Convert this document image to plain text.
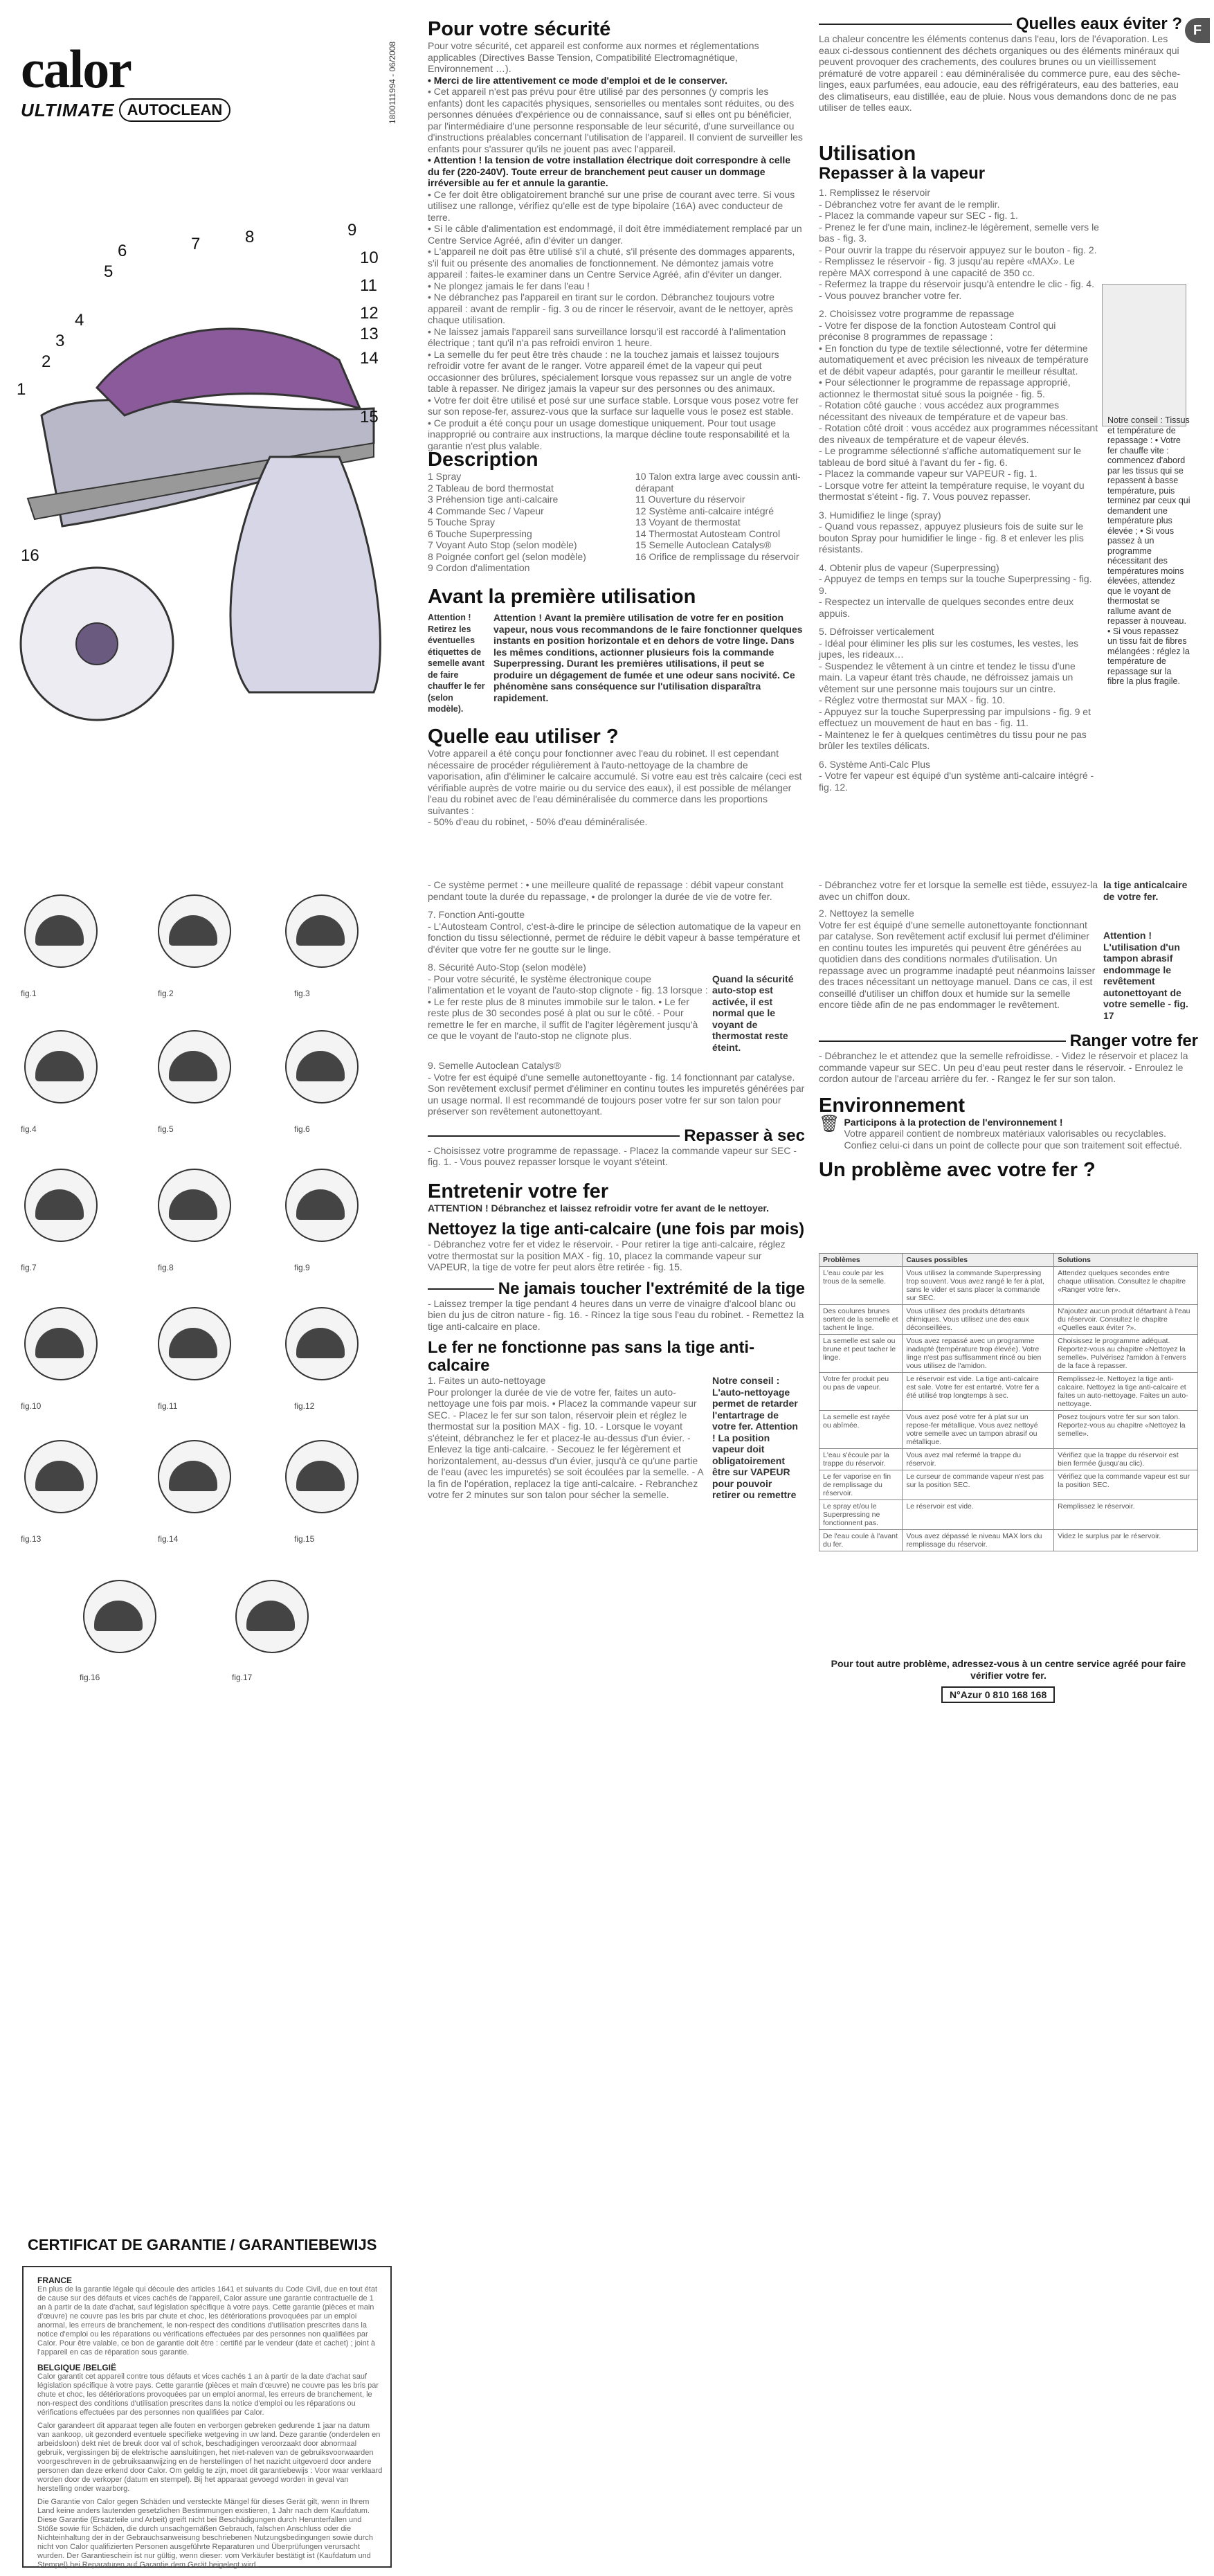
calor
ULTIMATE AUTOCLEAN	1800111994 - 06/2008
1
2
3
4
5
6	7	8	9
10
11
12
13
14
15
16
Pour votre sécurité
Pour votre sécurité, cet appareil est conforme aux normes et réglementations applicables (Directives Basse Tension, Compatibilité Electromagnétique, Environnement …).
• Merci de lire attentivement ce mode d'emploi et de le conserver.
• Cet appareil n'est pas prévu pour être utilisé par des personnes (y compris les enfants) dont les capacités physiques, sensorielles ou mentales sont réduites, ou des personnes dénuées d'expérience ou de connaissance, sauf si elles ont pu bénéficier, par l'intermédiaire d'une personne responsable de leur sécurité, d'une surveillance ou d'instructions préalables concernant l'utilisation de l'appareil. Il convient de surveiller les enfants pour s'assurer qu'ils ne jouent pas avec l'appareil.
• Attention ! la tension de votre installation électrique doit correspondre à celle du fer (220-240V). Toute erreur de branchement peut causer un dommage irréversible au fer et annule la garantie.
• Ce fer doit être obligatoirement branché sur une prise de courant avec terre. Si vous utilisez une rallonge, vérifiez qu'elle est de type bipolaire (16A) avec conducteur de terre.
• Si le câble d'alimentation est endommagé, il doit être immédiatement remplacé par un Centre Service Agréé, afin d'éviter un danger.
• L'appareil ne doit pas être utilisé s'il a chuté, s'il présente des dommages apparents, s'il fuit ou présente des anomalies de fonctionnement. Ne démontez jamais votre appareil : faites-le examiner dans un Centre Service Agréé, afin d'éviter un danger.
• Ne plongez jamais le fer dans l'eau !
• Ne débranchez pas l'appareil en tirant sur le cordon. Débranchez toujours votre appareil : avant de remplir - fig. 3 ou de rincer le réservoir, avant de le nettoyer, après chaque utilisation.
• Ne laissez jamais l'appareil sans surveillance lorsqu'il est raccordé à l'alimentation électrique ; tant qu'il n'a pas refroidi environ 1 heure.
• La semelle du fer peut être très chaude : ne la touchez jamais et laissez toujours refroidir votre fer avant de le ranger. Votre appareil émet de la vapeur qui peut occasionner des brûlures, spécialement lorsque vous repassez sur un angle de votre table à repasser. Ne dirigez jamais la vapeur sur des personnes ou des animaux.
• Votre fer doit être utilisé et posé sur une surface stable. Lorsque vous posez votre fer sur son repose-fer, assurez-vous que la surface sur laquelle vous le posez est stable.
• Ce produit a été conçu pour un usage domestique uniquement. Pour tout usage inapproprié ou contraire aux instructions, la marque décline toute responsabilité et la garantie n'est plus valable.
Description
1 Spray
2 Tableau de bord thermostat
3 Préhension tige anti-calcaire
4 Commande Sec / Vapeur
5 Touche Spray
6 Touche Superpressing
7 Voyant Auto Stop (selon modèle)
8 Poignée confort gel (selon modèle)
9 Cordon d'alimentation
10 Talon extra large avec coussin anti-dérapant
11 Ouverture du réservoir
12 Système anti-calcaire intégré
13 Voyant de thermostat
14 Thermostat Autosteam Control
15 Semelle Autoclean Catalys®
16 Orifice de remplissage du réservoir
Avant la première utilisation
Attention ! Retirez les éventuelles étiquettes de semelle avant de faire chauffer le fer (selon modèle).
Attention ! Avant la première utilisation de votre fer en position vapeur, nous vous recommandons de le faire fonctionner quelques instants en position horizontale et en dehors de votre linge. Dans les mêmes conditions, actionner plusieurs fois la commande Superpressing. Durant les premières utilisations, il peut se produire un dégagement de fumée et une odeur sans nocivité. Ce phénomène sans conséquence sur l'utilisation disparaîtra rapidement.
Quelle eau utiliser ?
Votre appareil a été conçu pour fonctionner avec l'eau du robinet. Il est cependant nécessaire de procéder régulièrement à l'auto-nettoyage de la chambre de vaporisation, afin d'éliminer le calcaire accumulé. Si votre eau est très calcaire (ceci est vérifiable auprès de votre mairie ou du service des eaux), il est possible de mélanger l'eau du robinet avec de l'eau déminéralisée du commerce dans les proportions suivantes :
- 50% d'eau du robinet, - 50% d'eau déminéralisée.
F
Quelles eaux éviter ?
La chaleur concentre les éléments contenus dans l'eau, lors de l'évaporation. Les eaux ci-dessous contiennent des déchets organiques ou des éléments minéraux qui peuvent provoquer des crachements, des coulures brunes ou un vieillissement prématuré de votre appareil : eau déminéralisée du commerce pure, eau des sèche-linges, eaux parfumées, eau adoucie, eau des réfrigérateurs, eau des batteries, eau des climatiseurs, eau distillée, eau de pluie. Nous vous demandons donc de ne pas utiliser de telles eaux.
Utilisation
Repasser à la vapeur
1. Remplissez le réservoir
- Débranchez votre fer avant de le remplir.
- Placez la commande vapeur sur SEC - fig. 1.
- Prenez le fer d'une main, inclinez-le légèrement, semelle vers le bas - fig. 3.
- Pour ouvrir la trappe du réservoir appuyez sur le bouton - fig. 2.
- Remplissez le réservoir - fig. 3 jusqu'au repère «MAX». Le repère MAX correspond à une capacité de 350 cc.
- Refermez la trappe du réservoir jusqu'à entendre le clic - fig. 4.
- Vous pouvez brancher votre fer.
2. Choisissez votre programme de repassage
- Votre fer dispose de la fonction Autosteam Control qui préconise 8 programmes de repassage :
• En fonction du type de textile sélectionné, votre fer détermine automatiquement et avec précision les niveaux de température et de débit vapeur adaptés, pour garantir le meilleur résultat.
• Pour sélectionner le programme de repassage approprié, actionnez le thermostat situé sous la poignée - fig. 5.
- Rotation côté gauche : vous accédez aux programmes nécessitant des niveaux de température et de vapeur bas.
- Rotation côté droit : vous accédez aux programmes nécessitant des niveaux de température et de vapeur élevés.
- Le programme sélectionné s'affiche automatiquement sur le tableau de bord situé à l'avant du fer - fig. 6.
- Placez la commande vapeur sur VAPEUR - fig. 1.
- Lorsque votre fer atteint la température requise, le voyant du thermostat s'éteint - fig. 7. Vous pouvez repasser.
3. Humidifiez le linge (spray)
- Quand vous repassez, appuyez plusieurs fois de suite sur le bouton Spray pour humidifier le linge - fig. 8 et enlever les plis résistants.
4. Obtenir plus de vapeur (Superpressing)
- Appuyez de temps en temps sur la touche Superpressing - fig. 9.
- Respectez un intervalle de quelques secondes entre deux appuis.
5. Défroisser verticalement
- Idéal pour éliminer les plis sur les costumes, les vestes, les jupes, les rideaux…
- Suspendez le vêtement à un cintre et tendez le tissu d'une main. La vapeur étant très chaude, ne défroissez jamais un vêtement sur une personne mais toujours sur un cintre.
- Réglez votre thermostat sur MAX - fig. 10.
- Appuyez sur la touche Superpressing par impulsions - fig. 9 et effectuez un mouvement de haut en bas - fig. 11.
- Maintenez le fer à quelques centimètres du tissu pour ne pas brûler les textiles délicats.
6. Système Anti-Calc Plus
- Votre fer vapeur est équipé d'un système anti-calcaire intégré - fig. 12.
Notre conseil : Tissus et température de repassage : • Votre fer chauffe vite : commencez d'abord par les tissus qui se repassent à basse température, puis terminez par ceux qui demandent une température plus élevée ; • Si vous passez à un programme nécessitant des températures moins élevées, attendez que le voyant de thermostat se rallume avant de repasser à nouveau. • Si vous repassez un tissu fait de fibres mélangées : réglez la température de repassage sur la fibre la plus fragile.
fig.1	fig.2	fig.3
fig.4	fig.5	fig.6
fig.7	fig.8	fig.9
fig.10	fig.11	fig.12
fig.13	fig.14	fig.15
fig.16	fig.17
- Ce système permet : • une meilleure qualité de repassage : débit vapeur constant pendant toute la durée du repassage, • de prolonger la durée de vie de votre fer.
7. Fonction Anti-goutte
- L'Autosteam Control, c'est-à-dire le principe de sélection automatique de la vapeur en fonction du tissu sélectionné, permet de réduire le débit vapeur à basse température et d'éviter que votre fer ne goutte sur le linge.
8. Sécurité Auto-Stop (selon modèle)
- Pour votre sécurité, le système électronique coupe l'alimentation et le voyant de l'auto-stop clignote - fig. 13 lorsque : • Le fer reste plus de 8 minutes immobile sur le talon. • Le fer reste plus de 30 secondes posé à plat ou sur le côté. - Pour remettre le fer en marche, il suffit de l'agiter légèrement jusqu'à ce que le voyant de l'auto-stop ne clignote plus.
Quand la sécurité auto-stop est activée, il est normal que le voyant de thermostat reste éteint.
9. Semelle Autoclean Catalys®
- Votre fer est équipé d'une semelle autonettoyante - fig. 14 fonctionnant par catalyse. Son revêtement exclusif permet d'éliminer en continu toutes les impuretés générées par un usage normal. Il est recommandé de toujours poser votre fer sur son talon pour préserver son revêtement autonettoyant.
Repasser à sec
- Choisissez votre programme de repassage. - Placez la commande vapeur sur SEC - fig. 1. - Vous pouvez repasser lorsque le voyant s'éteint.
Entretenir votre fer
ATTENTION ! Débranchez et laissez refroidir votre fer avant de le nettoyer.
Nettoyez la tige anti-calcaire (une fois par mois)
- Débranchez votre fer et videz le réservoir. - Pour retirer la tige anti-calcaire, réglez votre thermostat sur la position MAX - fig. 10, placez la commande vapeur sur VAPEUR, la tige de votre fer peut alors être retirée - fig. 15.
Ne jamais toucher l'extrémité de la tige
- Laissez tremper la tige pendant 4 heures dans un verre de vinaigre d'alcool blanc ou bien du jus de citron nature - fig. 16. - Rincez la tige sous l'eau du robinet. - Remettez la tige anti-calcaire en place.
Le fer ne fonctionne pas sans la tige anti-calcaire
1. Faites un auto-nettoyage
Pour prolonger la durée de vie de votre fer, faites un auto-nettoyage une fois par mois. • Placez la commande vapeur sur SEC. - Placez le fer sur son talon, réservoir plein et réglez le thermostat sur la position MAX - fig. 10. - Lorsque le voyant s'éteint, débranchez le fer et placez-le au-dessus d'un évier. - Enlevez la tige anti-calcaire. - Secouez le fer légèrement et horizontalement, au-dessus d'un évier, jusqu'à ce qu'une partie de l'eau (avec les impuretés) se soit écoulées par la semelle. - A la fin de l'opération, replacez la tige anti-calcaire. - Rebranchez votre fer 2 minutes sur son talon pour sécher la semelle.
Notre conseil : L'auto-nettoyage permet de retarder l'entartrage de votre fer. Attention ! La position vapeur doit obligatoirement être sur VAPEUR pour pouvoir retirer ou remettre
- Débranchez votre fer et lorsque la semelle est tiède, essuyez-la avec un chiffon doux.
2. Nettoyez la semelle
Votre fer est équipé d'une semelle autonettoyante fonctionnant par catalyse. Son revêtement actif exclusif lui permet d'éliminer en continu toutes les impuretés qui peuvent être générées au quotidien dans des conditions normales d'utilisation. Un repassage avec un programme inadapté peut néanmoins laisser des traces nécessitant un nettoyage manuel. Dans ce cas, il est conseillé d'utiliser un chiffon doux et humide sur la semelle encore tiède afin de ne pas endommager le revêtement.
la tige anticalcaire de votre fer.
Attention ! L'utilisation d'un tampon abrasif endommage le revêtement autonettoyant de votre semelle - fig. 17
Ranger votre fer
- Débranchez le et attendez que la semelle refroidisse. - Videz le réservoir et placez la commande vapeur sur SEC. Un peu d'eau peut rester dans le réservoir. - Enroulez le cordon autour de l'arceau arrière du fer. - Rangez le fer sur son talon.
Environnement
🗑 Participons à la protection de l'environnement !
Votre appareil contient de nombreux matériaux valorisables ou recyclables. Confiez celui-ci dans un point de collecte pour que son traitement soit effectué.
Un problème avec votre fer ?
Problèmes	Causes possibles	Solutions
L'eau coule par les trous de la semelle.	Vous utilisez la commande Superpressing trop souvent. Vous avez rangé le fer à plat, sans le vider et sans placer la commande sur SEC.	Attendez quelques secondes entre chaque utilisation. Consultez le chapitre «Ranger votre fer».
Des coulures brunes sortent de la semelle et tachent le linge.	Vous utilisez des produits détartrants chimiques. Vous utilisez une des eaux déconseillées.	N'ajoutez aucun produit détartrant à l'eau du réservoir. Consultez le chapitre «Quelles eaux éviter ?».
La semelle est sale ou brune et peut tacher le linge.	Vous avez repassé avec un programme inadapté (température trop élevée). Votre linge n'est pas suffisamment rincé ou bien vous utilisez de l'amidon.	Choisissez le programme adéquat. Reportez-vous au chapitre «Nettoyez la semelle». Pulvérisez l'amidon à l'envers de la face à repasser.
Votre fer produit peu ou pas de vapeur.	Le réservoir est vide. La tige anti-calcaire est sale. Votre fer est entartré. Votre fer a été utilisé trop longtemps à sec.	Remplissez-le. Nettoyez la tige anti-calcaire. Nettoyez la tige anti-calcaire et faites un auto-nettoyage. Faites un auto-nettoyage.
La semelle est rayée ou abîmée.	Vous avez posé votre fer à plat sur un repose-fer métallique. Vous avez nettoyé votre semelle avec un tampon abrasif ou métallique.	Posez toujours votre fer sur son talon. Reportez-vous au chapitre «Nettoyez la semelle».
L'eau s'écoule par la trappe du réservoir.	Vous avez mal refermé la trappe du réservoir.	Vérifiez que la trappe du réservoir est bien fermée (jusqu'au clic).
Le fer vaporise en fin de remplissage du réservoir.	Le curseur de commande vapeur n'est pas sur la position SEC.	Vérifiez que la commande vapeur est sur la position SEC.
Le spray et/ou le Superpressing ne fonctionnent pas.	Le réservoir est vide.	Remplissez le réservoir.
De l'eau coule à l'avant du fer.	Vous avez dépassé le niveau MAX lors du remplissage du réservoir.	Videz le surplus par le réservoir.
Pour tout autre problème, adressez-vous à un centre service agréé pour faire vérifier votre fer.
N°Azur 0 810 168 168
CERTIFICAT DE GARANTIE / GARANTIEBEWIJS
FRANCE
En plus de la garantie légale qui découle des articles 1641 et suivants du Code Civil, due en tout état de cause sur des défauts et vices cachés de l'appareil, Calor assure une garantie contractuelle de 1 an à partir de la date d'achat, sauf législation spécifique à votre pays. Cette garantie (pièces et main d'œuvre) ne couvre pas les bris par chute et choc, les détériorations provoquées par un emploi anormal, les erreurs de branchement, le non-respect des conditions d'utilisation prescrites dans la notice d'emploi ou les réparations ou vérifications effectuées par des personnes non qualifiées par Calor. Pour être valable, ce bon de garantie doit être : certifié par le vendeur (date et cachet) ; joint à l'appareil en cas de réparation sous garantie.
BELGIQUE /BELGIË
Calor garantit cet appareil contre tous défauts et vices cachés 1 an à partir de la date d'achat sauf législation spécifique à votre pays. Cette garantie (pièces et main d'œuvre) ne couvre pas les bris par chute et choc, les détériorations provoquées par un emploi anormal, les erreurs de branchement, le non-respect des conditions d'utilisation prescrites dans la notice d'emploi ou les réparations ou vérifications effectuées par des personnes non qualifiées par Calor.
Calor garandeert dit apparaat tegen alle fouten en verborgen gebreken gedurende 1 jaar na datum van aankoop, uit gezonderd eventuele specifieke wetgeving in uw land. Deze garantie (onderdelen en arbeidsloon) dekt niet de breuk door val of schok, beschadigingen veroorzaakt door abnormaal gebruik, vergissingen bij de elektrische aansluitingen, het niet-naleven van de gebruiksvoorwaarden voorgeschreven in de gebruiksaanwijzing en de herstellingen of het nazicht uitgevoerd door andere personen dan deze erkend door Calor. Om geldig te zijn, moet dit garantiebewijs : Voor waar verklaard worden door de verkoper (datum en stempel). Bij het apparaat gevoegd worden in geval van herstelling onder waarborg.
Die Garantie von Calor gegen Schäden und versteckte Mängel für dieses Gerät gilt, wenn in Ihrem Land keine anders lautenden gesetzlichen Bestimmungen existieren, 1 Jahr nach dem Kaufdatum. Diese Garantie (Ersatzteile und Arbeit) greift nicht bei Beschädigungen durch Herunterfallen und Stöße sowie für Schäden, die durch unsachgemäßen Gebrauch, falschen Anschluss oder die Nichteinhaltung der in der Gebrauchsanweisung beschriebenen Nutzungsbedingungen sowie durch nicht von Calor qualifizierten Personen ausgeführte Reparaturen und Überprüfungen verursacht wurden. Der Garantieschein ist nur gültig, wenn dieser: vom Verkäufer bestätigt ist (Kaufdatum und Stempel) bei Reparaturen auf Garantie dem Gerät beigelegt wird.
